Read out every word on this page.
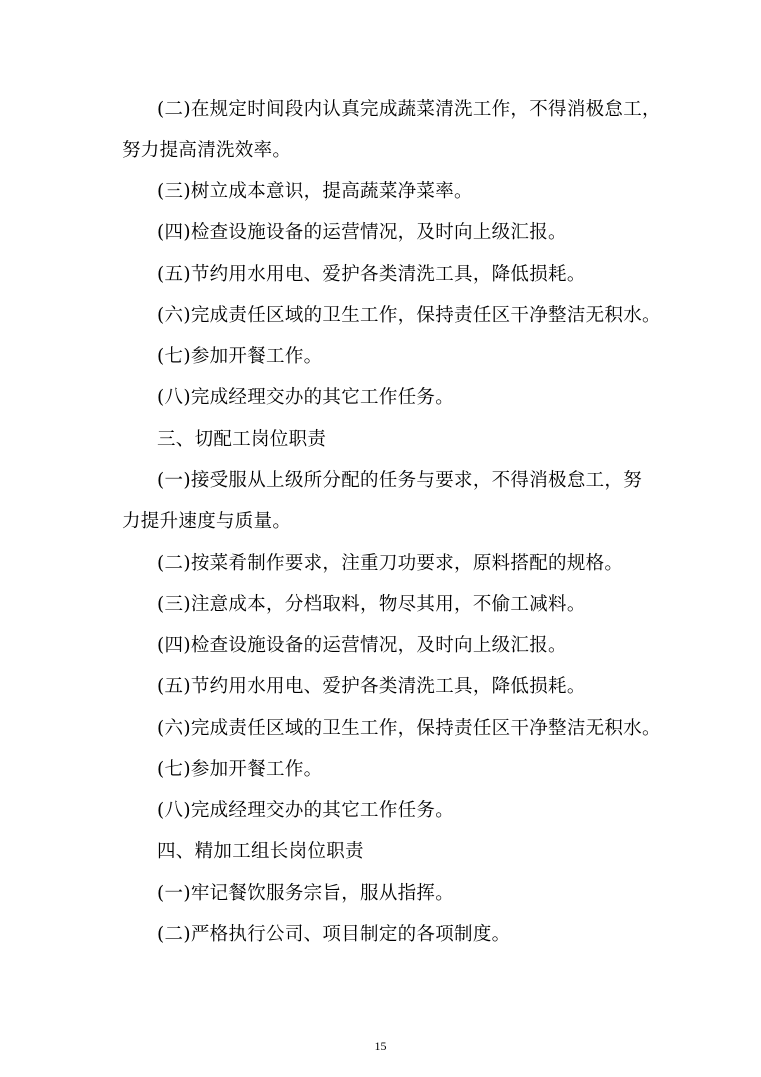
(二)在规定时间段内认真完成蔬菜清洗工作，不得消极怠工，
努力提高清洗效率。
(三)树立成本意识，提高蔬菜净菜率。
(四)检查设施设备的运营情况，及时向上级汇报。
(五)节约用水用电、爱护各类清洗工具，降低损耗。
(六)完成责任区域的卫生工作，保持责任区干净整洁无积水。
(七)参加开餐工作。
(八)完成经理交办的其它工作任务。
三、切配工岗位职责
(一)接受服从上级所分配的任务与要求，不得消极怠工，努
力提升速度与质量。
(二)按菜肴制作要求，注重刀功要求，原料搭配的规格。
(三)注意成本，分档取料，物尽其用，不偷工减料。
(四)检查设施设备的运营情况，及时向上级汇报。
(五)节约用水用电、爱护各类清洗工具，降低损耗。
(六)完成责任区域的卫生工作，保持责任区干净整洁无积水。
(七)参加开餐工作。
(八)完成经理交办的其它工作任务。
四、精加工组长岗位职责
(一)牢记餐饮服务宗旨，服从指挥。
(二)严格执行公司、项目制定的各项制度。
15
